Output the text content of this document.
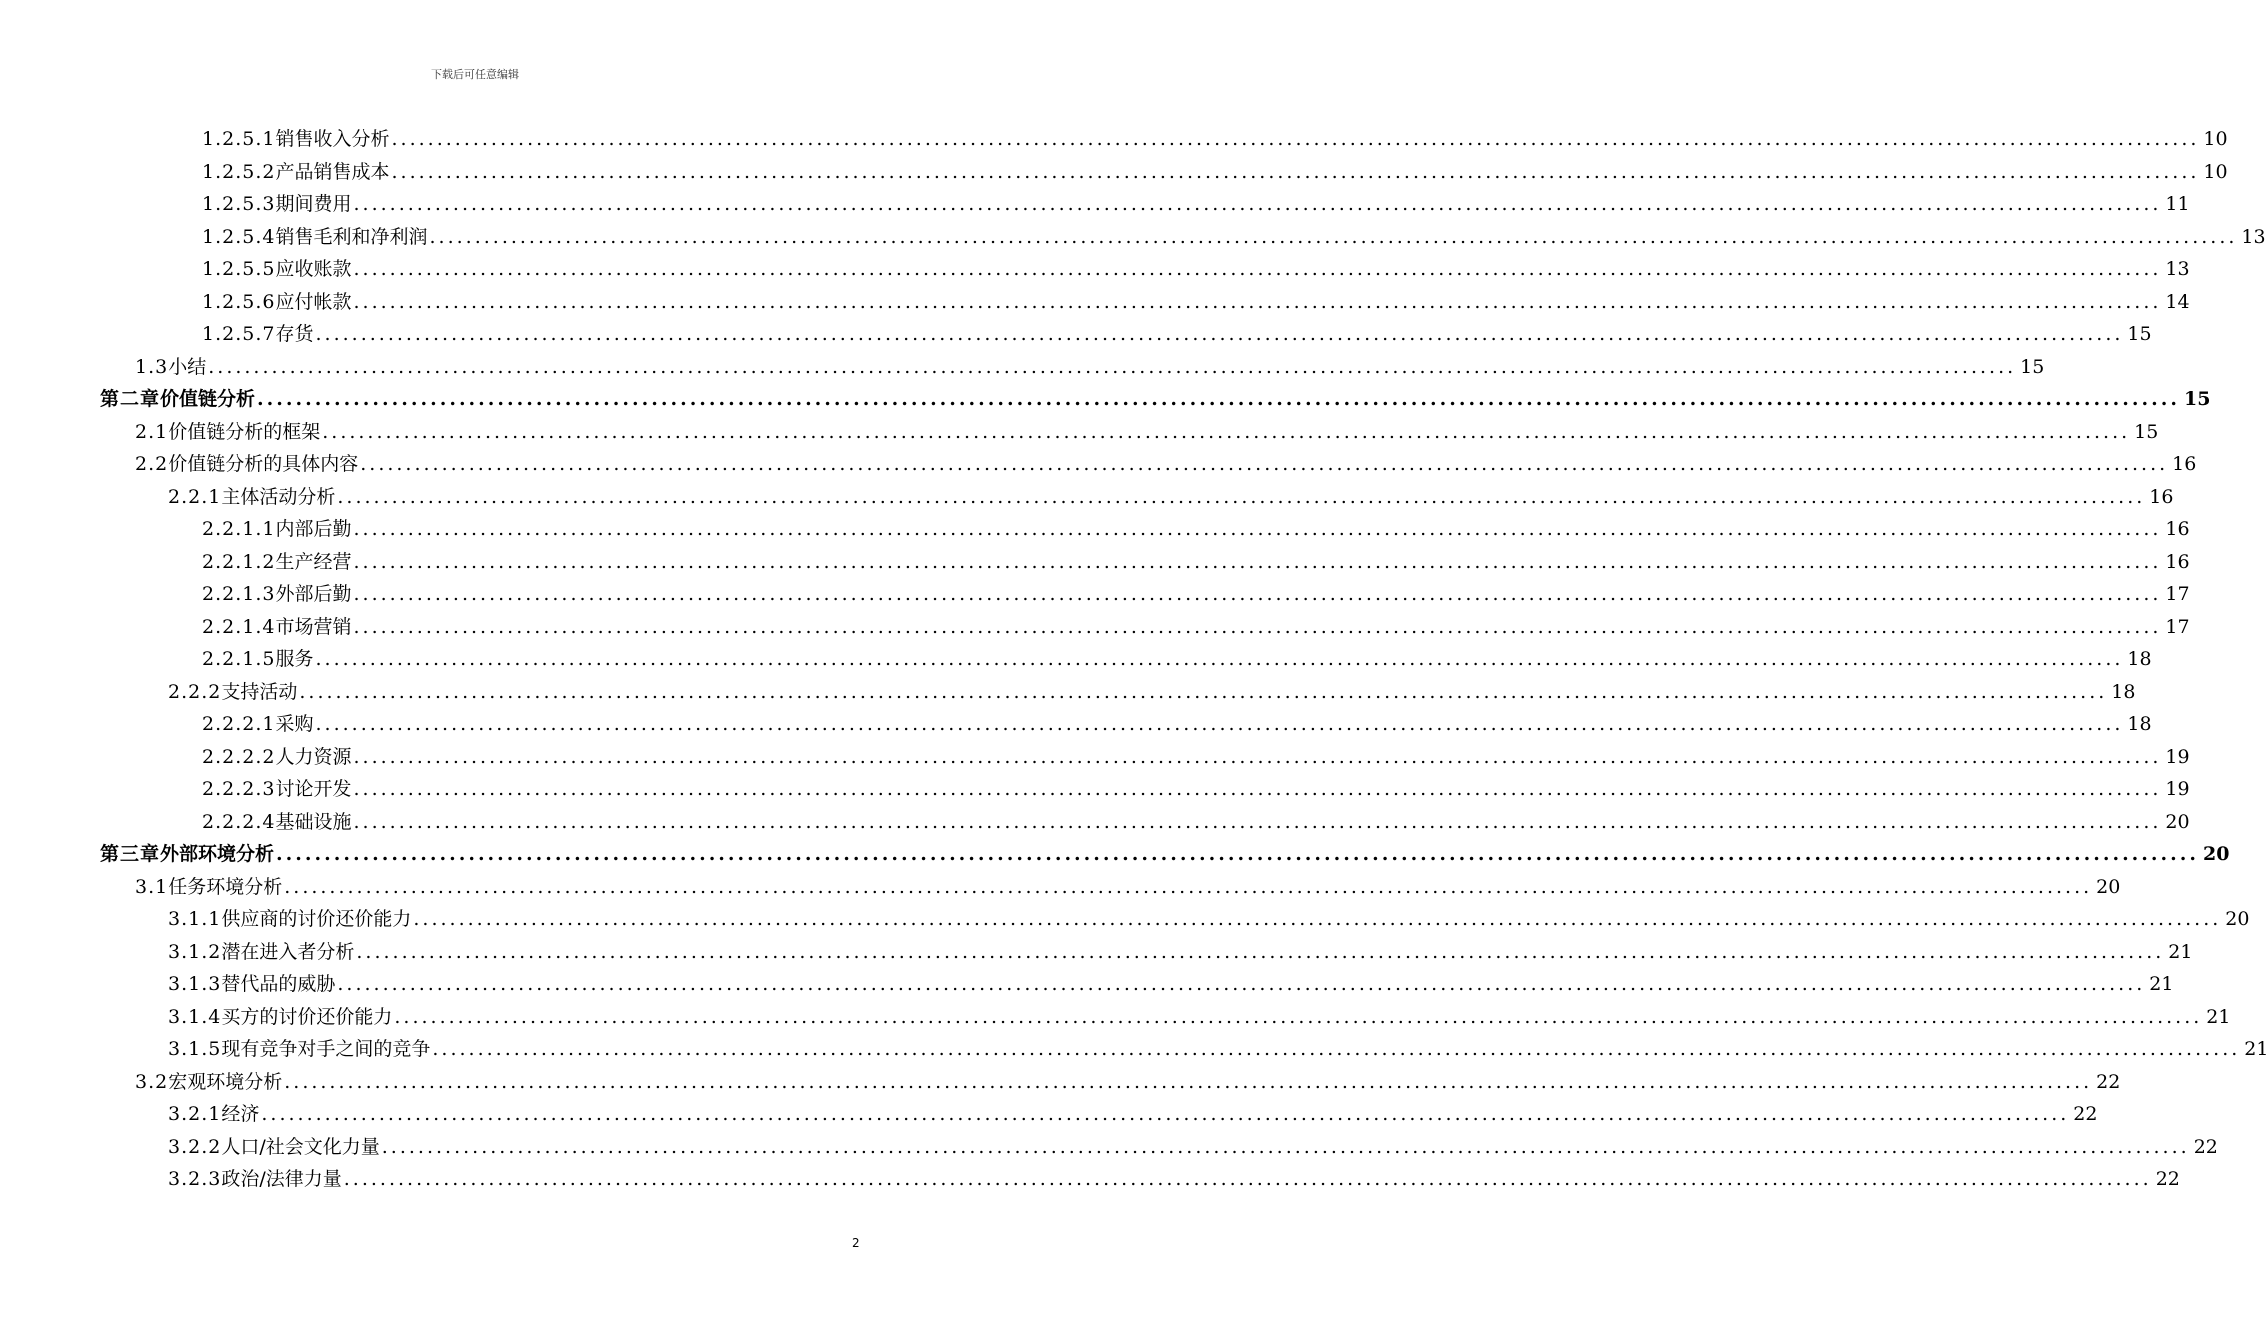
下载后可任意编辑
1.2.5.1 销售收入分析 ........................................................................................................................................................................................................ 10
1.2.5.2 产品销售成本 ........................................................................................................................................................................................................ 10
1.2.5.3 期间费用 ........................................................................................................................................................................................................ 11
1.2.5.4 销售毛利和净利润 ........................................................................................................................................................................................................ 13
1.2.5.5 应收账款 ........................................................................................................................................................................................................ 13
1.2.5.6 应付帐款 ........................................................................................................................................................................................................ 14
1.2.5.7 存货 ........................................................................................................................................................................................................ 15
1.3 小结 ........................................................................................................................................................................................................ 15
第二章 价值链分析 ........................................................................................................................................................................................................ 15
2.1 价值链分析的框架 ........................................................................................................................................................................................................ 15
2.2 价值链分析的具体内容 ........................................................................................................................................................................................................ 16
2.2.1 主体活动分析 ........................................................................................................................................................................................................ 16
2.2.1.1 内部后勤 ........................................................................................................................................................................................................ 16
2.2.1.2 生产经营 ........................................................................................................................................................................................................ 16
2.2.1.3 外部后勤 ........................................................................................................................................................................................................ 17
2.2.1.4 市场营销 ........................................................................................................................................................................................................ 17
2.2.1.5 服务 ........................................................................................................................................................................................................ 18
2.2.2 支持活动 ........................................................................................................................................................................................................ 18
2.2.2.1 采购 ........................................................................................................................................................................................................ 18
2.2.2.2 人力资源 ........................................................................................................................................................................................................ 19
2.2.2.3 讨论开发 ........................................................................................................................................................................................................ 19
2.2.2.4 基础设施 ........................................................................................................................................................................................................ 20
第三章 外部环境分析 ........................................................................................................................................................................................................ 20
3.1 任务环境分析 ........................................................................................................................................................................................................ 20
3.1.1 供应商的讨价还价能力 ........................................................................................................................................................................................................ 20
3.1.2 潜在进入者分析 ........................................................................................................................................................................................................ 21
3.1.3 替代品的威胁 ........................................................................................................................................................................................................ 21
3.1.4 买方的讨价还价能力 ........................................................................................................................................................................................................ 21
3.1.5 现有竞争对手之间的竞争 ........................................................................................................................................................................................................ 21
3.2 宏观环境分析 ........................................................................................................................................................................................................ 22
3.2.1 经济 ........................................................................................................................................................................................................ 22
3.2.2 人口/社会文化力量 ........................................................................................................................................................................................................ 22
3.2.3 政治/法律力量 ........................................................................................................................................................................................................ 22
2
